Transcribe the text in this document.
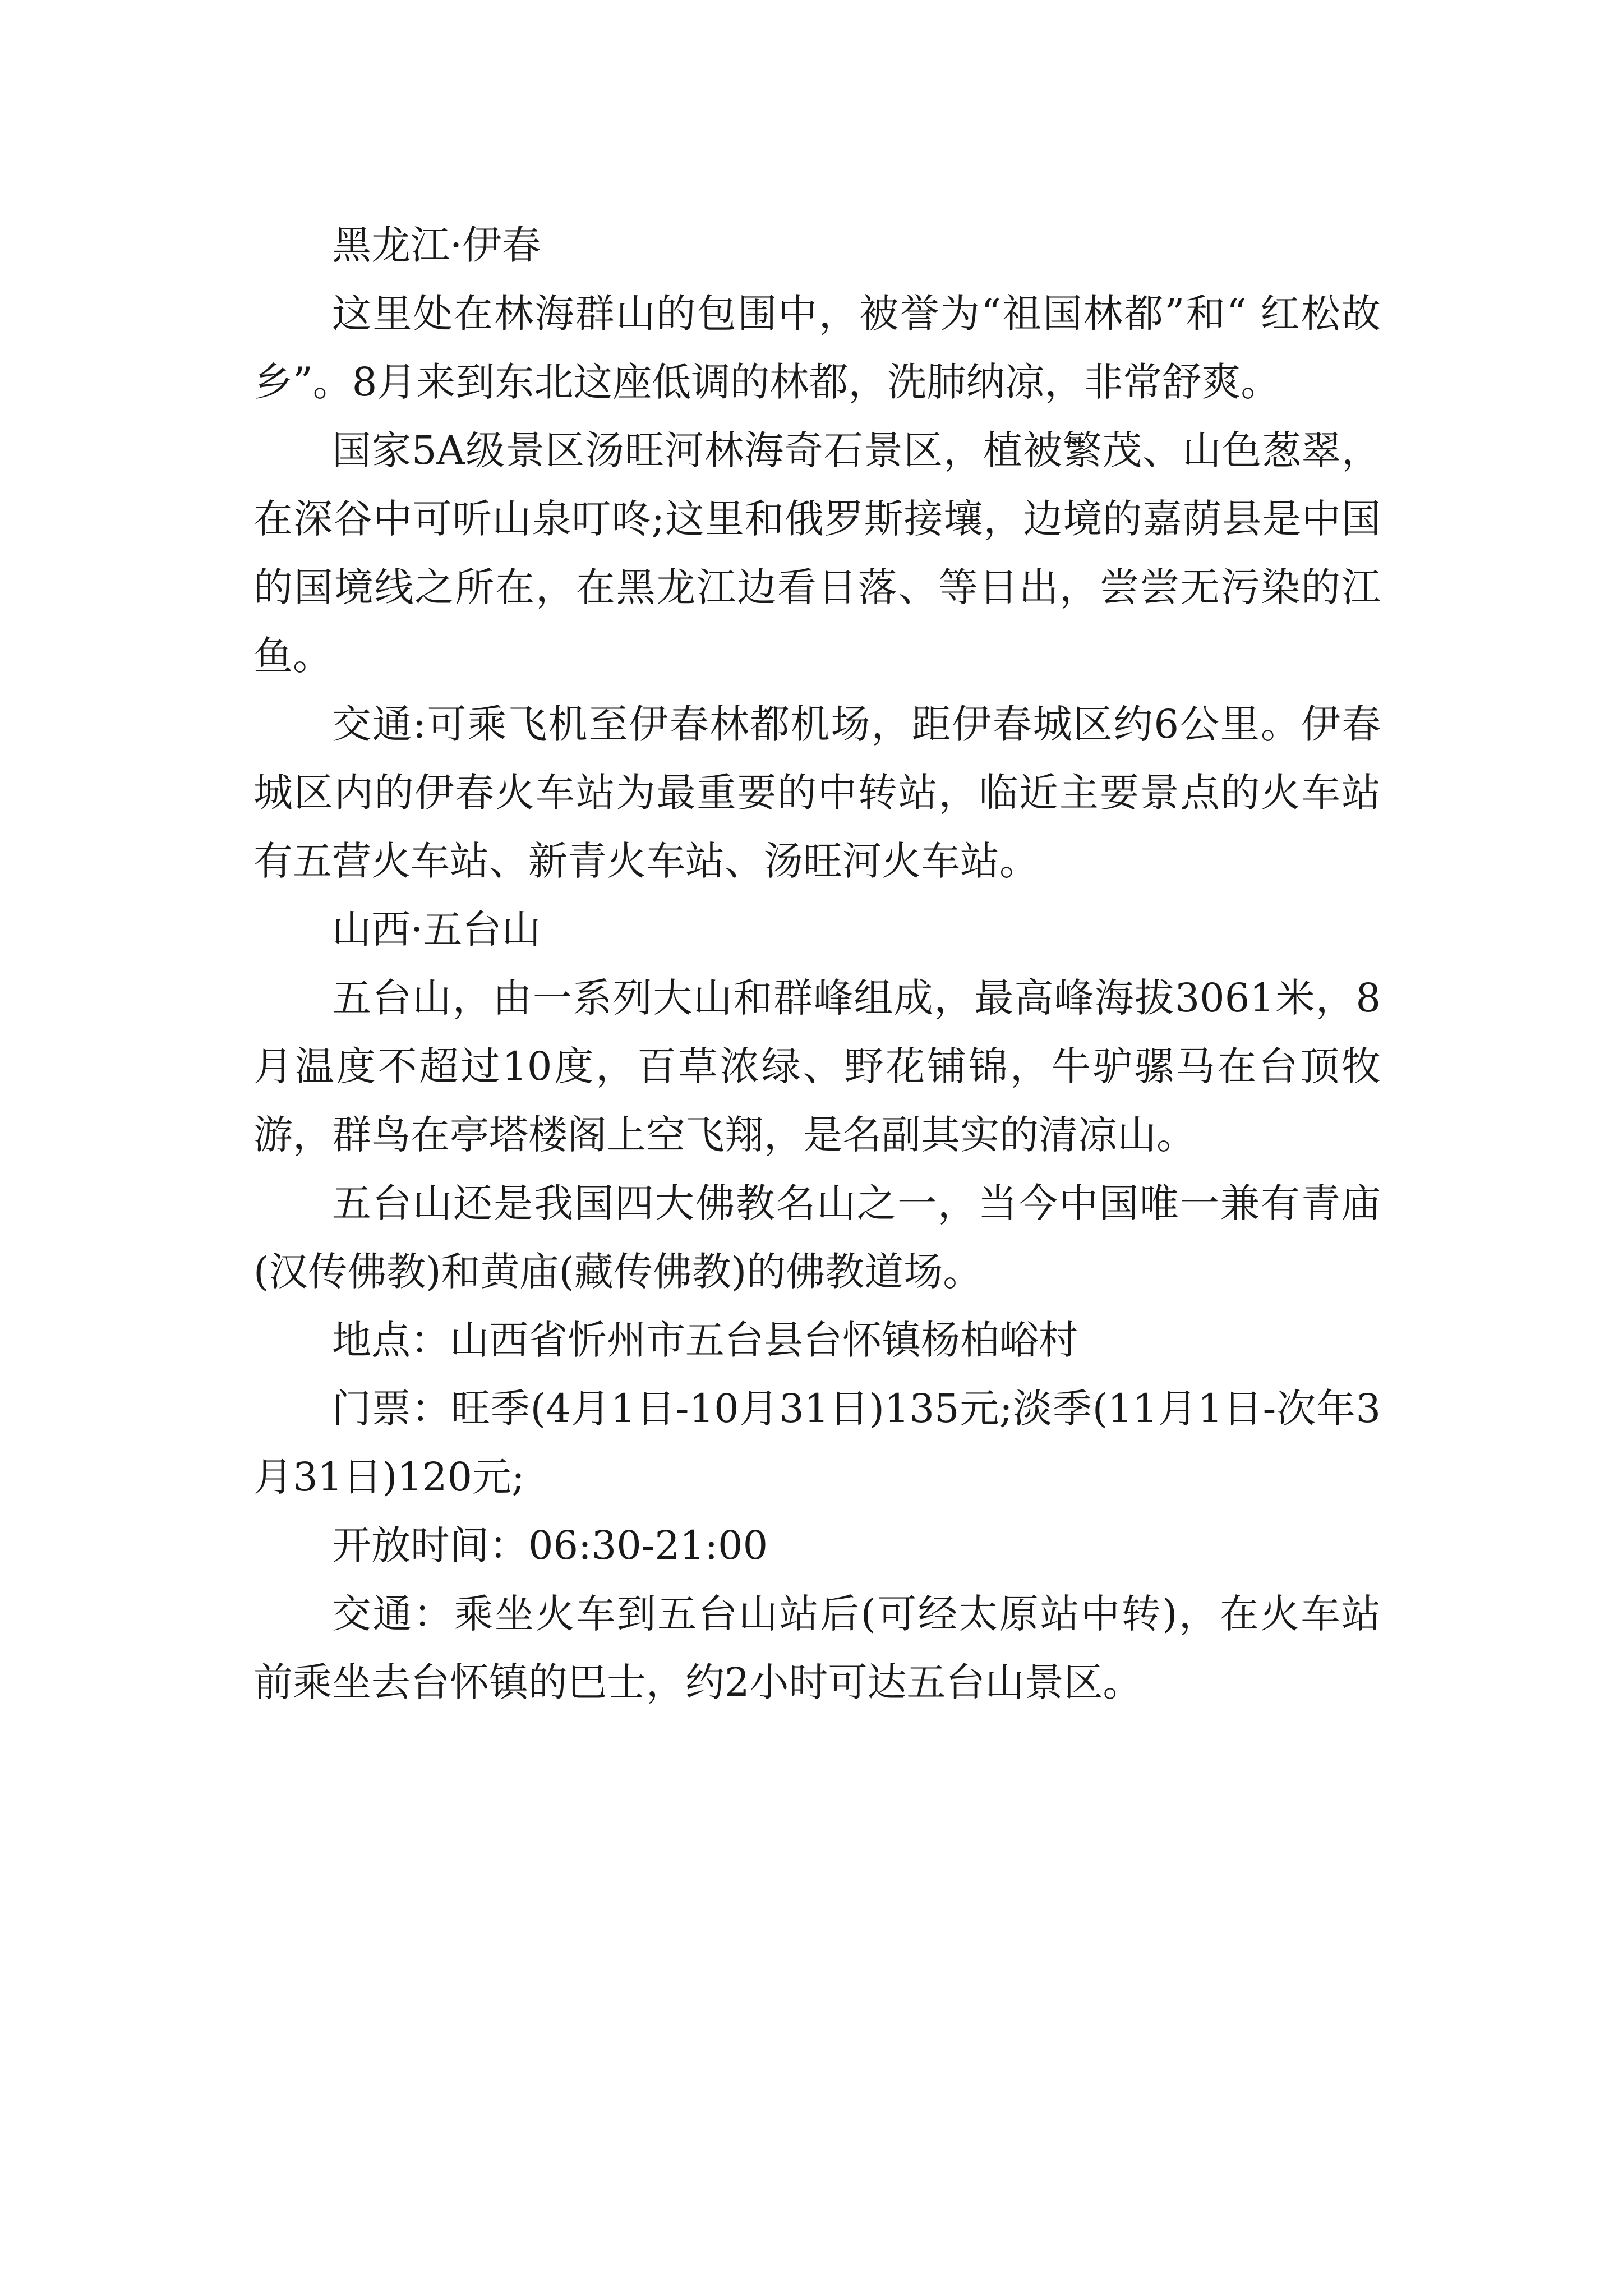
黑龙江·伊春

这里处在林海群山的包围中，被誉为“祖国林都”和“ 红松故乡”。8月来到东北这座低调的林都，洗肺纳凉，非常舒爽。

国家5A级景区汤旺河林海奇石景区，植被繁茂、山色葱翠，在深谷中可听山泉叮咚;这里和俄罗斯接壤，边境的嘉荫县是中国的国境线之所在，在黑龙江边看日落、等日出，尝尝无污染的江鱼。

交通:可乘飞机至伊春林都机场，距伊春城区约6公里。伊春城区内的伊春火车站为最重要的中转站，临近主要景点的火车站有五营火车站、新青火车站、汤旺河火车站。

山西·五台山

五台山，由一系列大山和群峰组成，最高峰海拔3061米，8月温度不超过10度，百草浓绿、野花铺锦，牛驴骡马在台顶牧游，群鸟在亭塔楼阁上空飞翔，是名副其实的清凉山。

五台山还是我国四大佛教名山之一，当今中国唯一兼有青庙(汉传佛教)和黄庙(藏传佛教)的佛教道场。

地点：山西省忻州市五台县台怀镇杨柏峪村

门票：旺季(4月1日-10月31日)135元;淡季(11月1日-次年3月31日)120元;

开放时间：06:30-21:00

交通：乘坐火车到五台山站后(可经太原站中转)，在火车站前乘坐去台怀镇的巴士，约2小时可达五台山景区。
